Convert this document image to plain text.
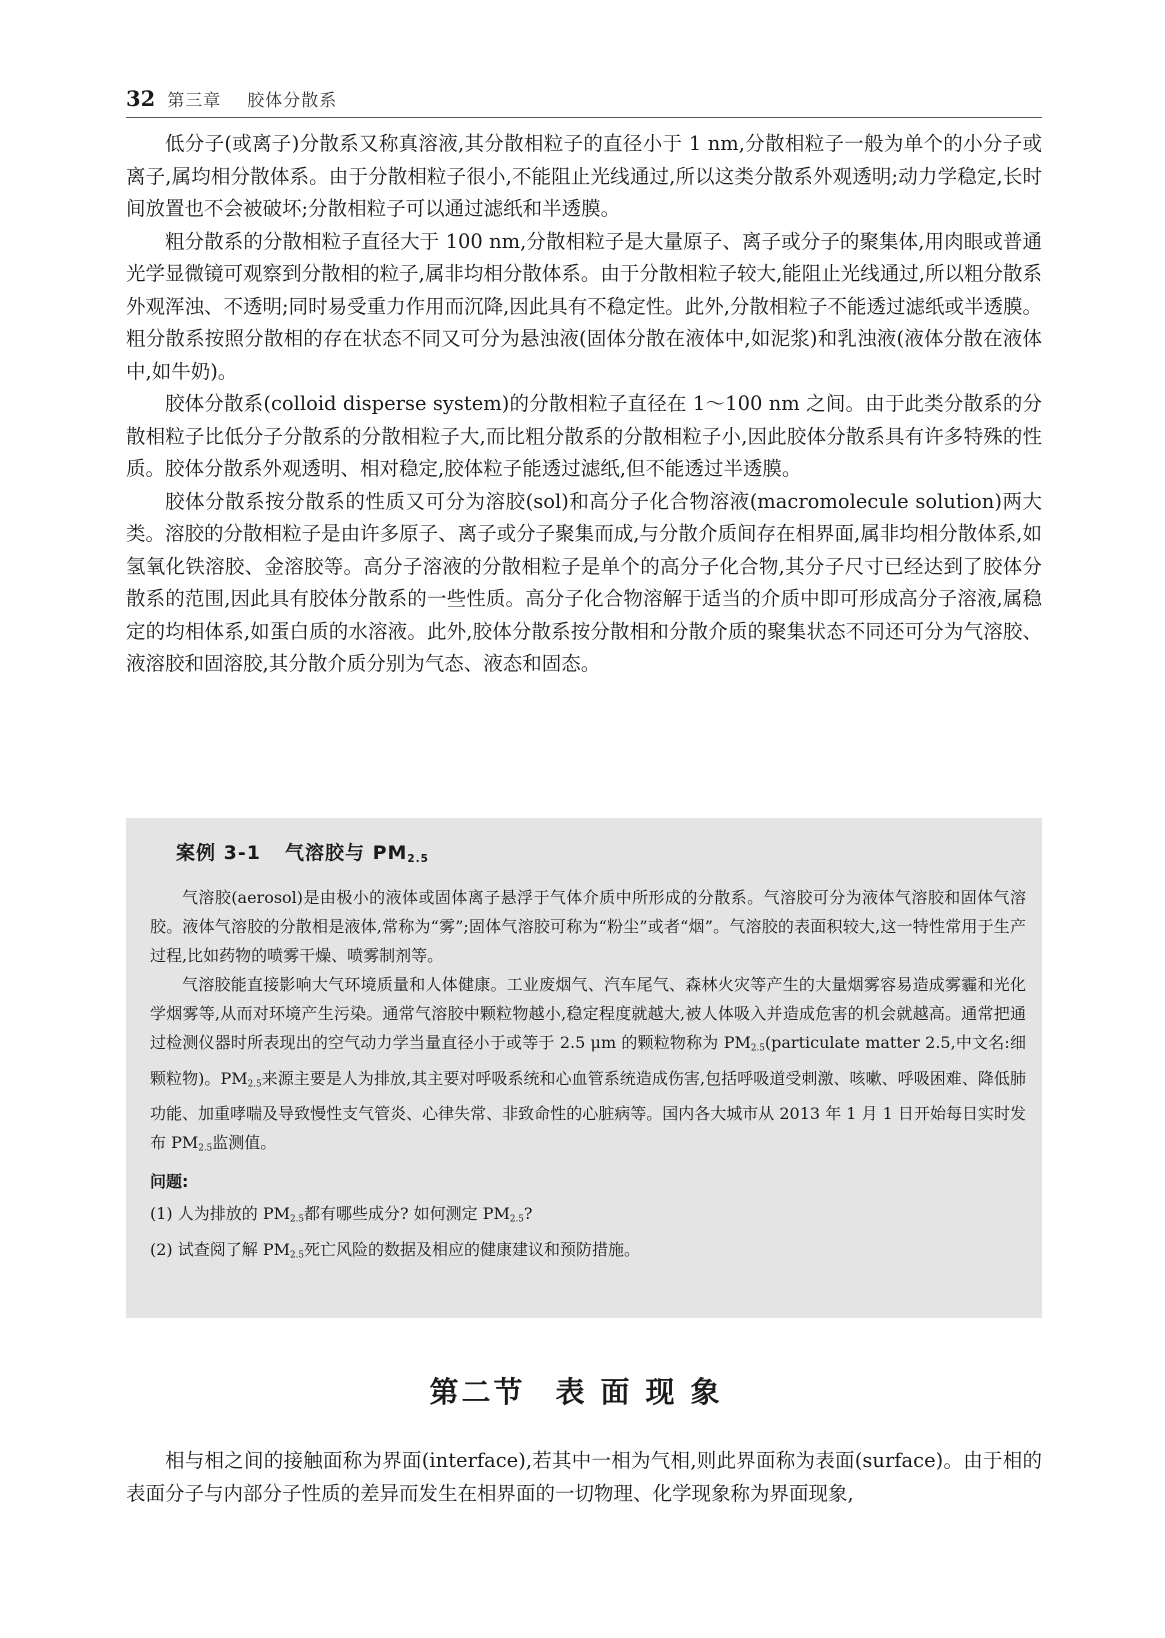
32 第三章 胶体分散系

低分子(或离子)分散系又称真溶液,其分散相粒子的直径小于 1 nm,分散相粒子一般为单个的小分子或离子,属均相分散体系。由于分散相粒子很小,不能阻止光线通过,所以这类分散系外观透明;动力学稳定,长时间放置也不会被破坏;分散相粒子可以通过滤纸和半透膜。

粗分散系的分散相粒子直径大于 100 nm,分散相粒子是大量原子、离子或分子的聚集体,用肉眼或普通光学显微镜可观察到分散相的粒子,属非均相分散体系。由于分散相粒子较大,能阻止光线通过,所以粗分散系外观浑浊、不透明;同时易受重力作用而沉降,因此具有不稳定性。此外,分散相粒子不能透过滤纸或半透膜。粗分散系按照分散相的存在状态不同又可分为悬浊液(固体分散在液体中,如泥浆)和乳浊液(液体分散在液体中,如牛奶)。

胶体分散系(colloid disperse system)的分散相粒子直径在 1～100 nm 之间。由于此类分散系的分散相粒子比低分子分散系的分散相粒子大,而比粗分散系的分散相粒子小,因此胶体分散系具有许多特殊的性质。胶体分散系外观透明、相对稳定,胶体粒子能透过滤纸,但不能透过半透膜。

胶体分散系按分散系的性质又可分为溶胶(sol)和高分子化合物溶液(macromolecule solution)两大类。溶胶的分散相粒子是由许多原子、离子或分子聚集而成,与分散介质间存在相界面,属非均相分散体系,如氢氧化铁溶胶、金溶胶等。高分子溶液的分散相粒子是单个的高分子化合物,其分子尺寸已经达到了胶体分散系的范围,因此具有胶体分散系的一些性质。高分子化合物溶解于适当的介质中即可形成高分子溶液,属稳定的均相体系,如蛋白质的水溶液。此外,胶体分散系按分散相和分散介质的聚集状态不同还可分为气溶胶、液溶胶和固溶胶,其分散介质分别为气态、液态和固态。

案例 3-1 气溶胶与 $PM_{2.5}$

气溶胶(aerosol)是由极小的液体或固体离子悬浮于气体介质中所形成的分散系。气溶胶可分为液体气溶胶和固体气溶胶。液体气溶胶的分散相是液体,常称为“雾”;固体气溶胶可称为“粉尘”或者“烟”。气溶胶的表面积较大,这一特性常用于生产过程,比如药物的喷雾干燥、喷雾制剂等。

气溶胶能直接影响大气环境质量和人体健康。工业废烟气、汽车尾气、森林火灾等产生的大量烟雾容易造成雾霾和光化学烟雾等,从而对环境产生污染。通常气溶胶中颗粒物越小,稳定程度就越大,被人体吸入并造成危害的机会就越高。通常把通过检测仪器时所表现出的空气动力学当量直径小于或等于 2.5 μm 的颗粒物称为 $PM_{2.5}(particulate$ matter 2.5,中文名:细颗粒物)。$PM_{2.5}$来源主要是人为排放,其主要对呼吸系统和心血管系统造成伤害,包括呼吸道受刺激、咳嗽、呼吸困难、降低肺功能、加重哮喘及导致慢性支气管炎、心律失常、非致命性的心脏病等。国内各大城市从 2013 年 1 月 1 日开始每日实时发布 $PM_{2.5}$监测值。

问题:
(1) 人为排放的 $PM_{2.5}$都有哪些成分? 如何测定 $PM_{2.5}$?
(2) 试查阅了解 $PM_{2.5}$死亡风险的数据及相应的健康建议和预防措施。
第二节 表面现象

相与相之间的接触面称为界面(interface),若其中一相为气相,则此界面称为表面(surface)。由于相的表面分子与内部分子性质的差异而发生在相界面的一切物理、化学现象称为界面现象,
